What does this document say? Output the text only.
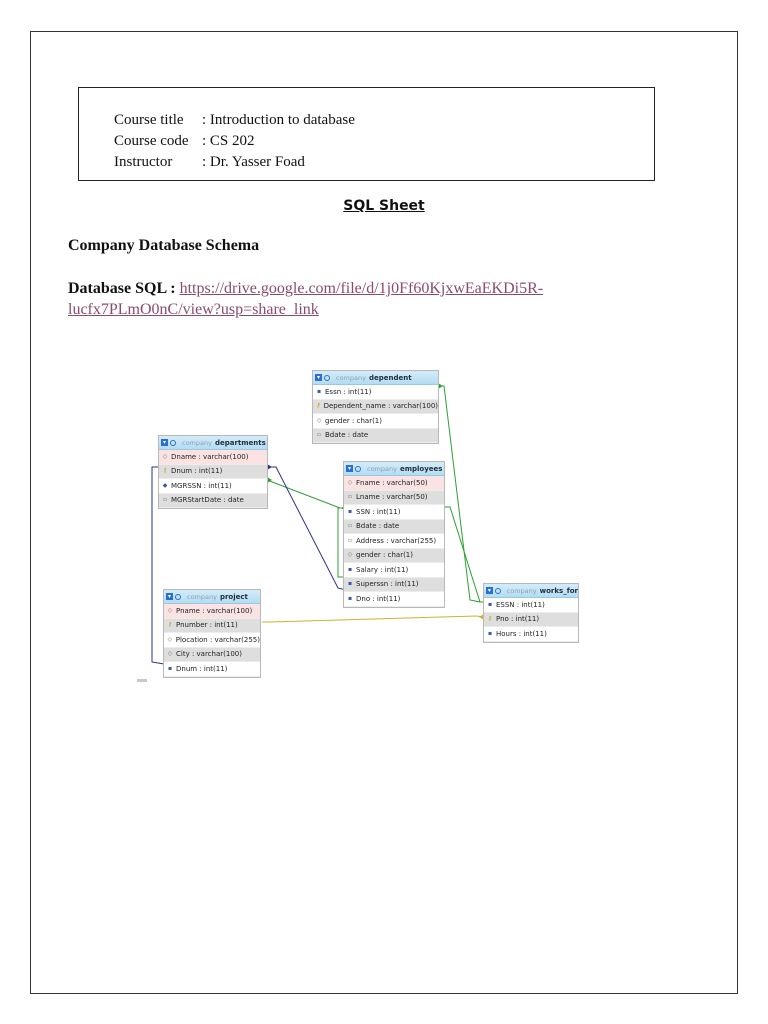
Course title : Introduction to database
Course code : CS 202
Instructor : Dr. Yasser Foad
SQL Sheet
Company Database Schema
Database SQL : https://drive.google.com/file/d/1j0Ff60KjxwEaEKDi5R-
lucfx7PLmO0nC/view?usp=share_link
▾	company dependent
▪ Essn : int(11)
⚷ Dependent_name : varchar(100)
◇ gender : char(1)
▫ Bdate : date
▾	company departments
◇ Dname : varchar(100)
⚷ Dnum : int(11)
◆ MGRSSN : int(11)
▫ MGRStartDate : date
▾	company employees
◇ Fname : varchar(50)
▫ Lname : varchar(50)
▪ SSN : int(11)
▫ Bdate : date
▫ Address : varchar(255)
◇ gender : char(1)
▪ Salary : int(11)
▪ Superssn : int(11)
▪ Dno : int(11)
▾	company project
◇ Pname : varchar(100)
⚷ Pnumber : int(11)
◇ Plocation : varchar(255)
◇ City : varchar(100)
▪ Dnum : int(11)
▾ company works_for
▪ ESSN : int(11)
⚷ Pno : int(11)
▪ Hours : int(11)
